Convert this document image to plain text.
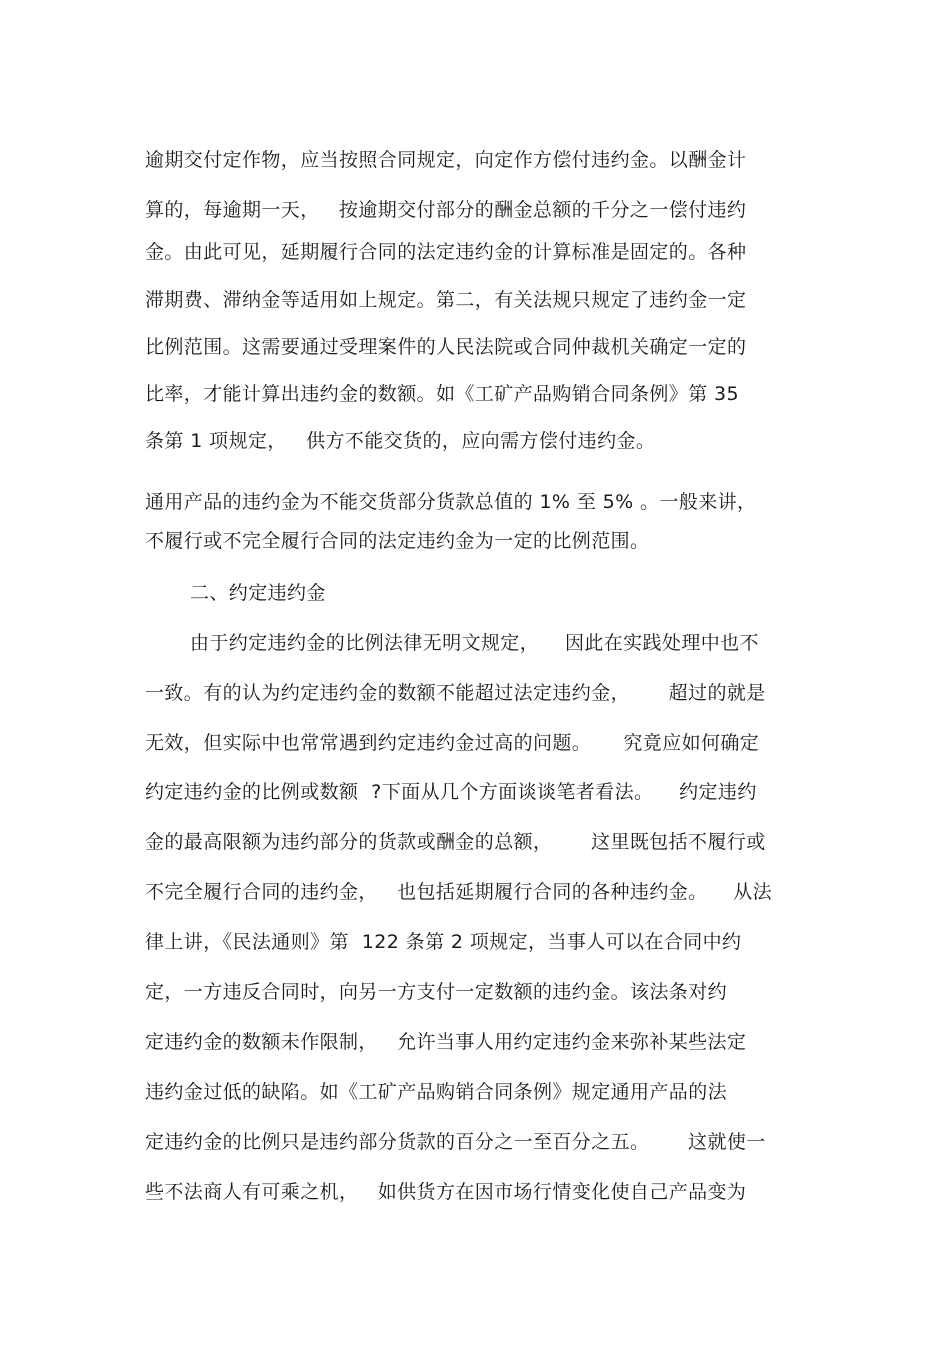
逾期交付定作物，应当按照合同规定，向定作方偿付违约金。以酬金计
算的，每逾期一天，   按逾期交付部分的酬金总额的千分之一偿付违约
金。由此可见，延期履行合同的法定违约金的计算标准是固定的。各种
滞期费、滞纳金等适用如上规定。第二，有关法规只规定了违约金一定
比例范围。这需要通过受理案件的人民法院或合同仲裁机关确定一定的
比率，才能计算出违约金的数额。如《工矿产品购销合同条例》第 35
条第 1 项规定，   供方不能交货的，应向需方偿付违约金。
通用产品的违约金为不能交货部分货款总值的 1% 至 5% 。一般来讲，
不履行或不完全履行合同的法定违约金为一定的比例范围。
二、约定违约金
由于约定违约金的比例法律无明文规定，    因此在实践处理中也不
一致。有的认为约定违约金的数额不能超过法定违约金，      超过的就是
无效，但实际中也常常遇到约定违约金过高的问题。     究竟应如何确定
约定违约金的比例或数额  ?下面从几个方面谈谈笔者看法。    约定违约
金的最高限额为违约部分的货款或酬金的总额，      这里既包括不履行或
不完全履行合同的违约金，   也包括延期履行合同的各种违约金。    从法
律上讲，《民法通则》第  122 条第 2 项规定，当事人可以在合同中约
定，一方违反合同时，向另一方支付一定数额的违约金。该法条对约
定违约金的数额未作限制，   允许当事人用约定违约金来弥补某些法定
违约金过低的缺陷。如《工矿产品购销合同条例》规定通用产品的法
定违约金的比例只是违约部分货款的百分之一至百分之五。      这就使一
些不法商人有可乘之机，   如供货方在因市场行情变化使自己产品变为
